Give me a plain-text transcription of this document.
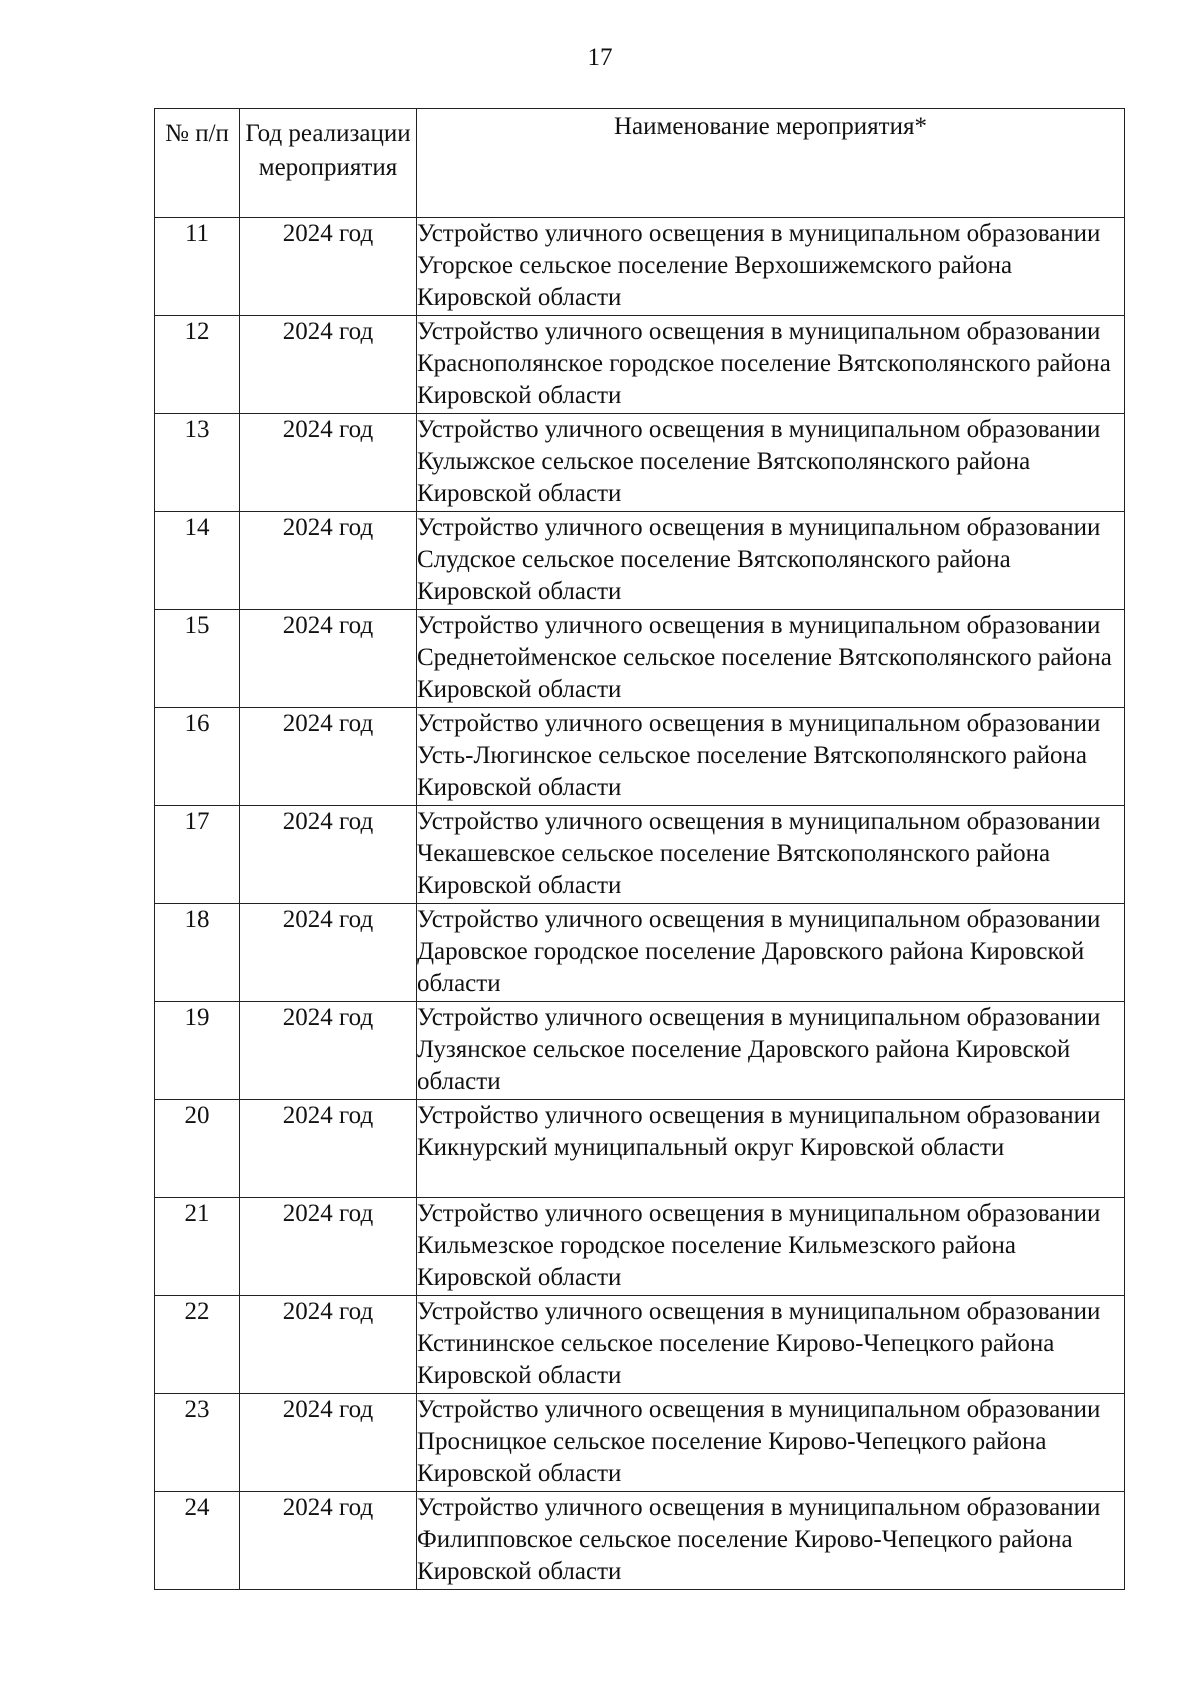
17
№ п/п	Год реализации мероприятия	Наименование мероприятия*
11	2024 год	Устройство уличного освещения в муниципальном образовании Угорское сельское поселение Верхошижемского района Кировской области
12	2024 год	Устройство уличного освещения в муниципальном образовании Краснополянское городское поселение Вятскополянского района Кировской области
13	2024 год	Устройство уличного освещения в муниципальном образовании Кулыжское сельское поселение Вятскополянского района Кировской области
14	2024 год	Устройство уличного освещения в муниципальном образовании Слудское сельское поселение Вятскополянского района Кировской области
15	2024 год	Устройство уличного освещения в муниципальном образовании Среднетойменское сельское поселение Вятскополянского района Кировской области
16	2024 год	Устройство уличного освещения в муниципальном образовании Усть-Люгинское сельское поселение Вятскополянского района Кировской области
17	2024 год	Устройство уличного освещения в муниципальном образовании Чекашевское сельское поселение Вятскополянского района Кировской области
18	2024 год	Устройство уличного освещения в муниципальном образовании Даровское городское поселение Даровского района Кировской области
19	2024 год	Устройство уличного освещения в муниципальном образовании Лузянское сельское поселение Даровского района Кировской области
20	2024 год	Устройство уличного освещения в муниципальном образовании Кикнурский муниципальный округ Кировской области
21	2024 год	Устройство уличного освещения в муниципальном образовании Кильмезское городское поселение Кильмезского района Кировской области
22	2024 год	Устройство уличного освещения в муниципальном образовании Кстининское сельское поселение Кирово-Чепецкого района Кировской области
23	2024 год	Устройство уличного освещения в муниципальном образовании Просницкое сельское поселение Кирово-Чепецкого района Кировской области
24	2024 год	Устройство уличного освещения в муниципальном образовании Филипповское сельское поселение Кирово-Чепецкого района Кировской области
